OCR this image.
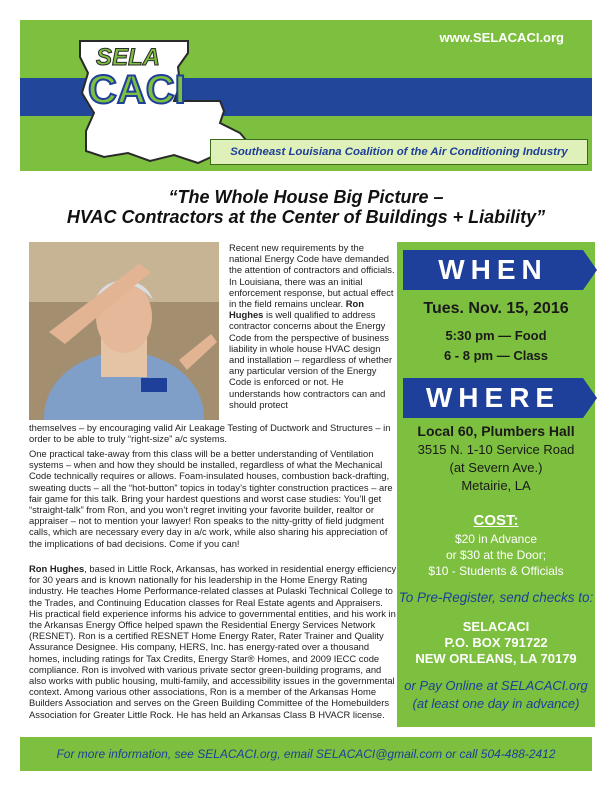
www.SELACACI.org
SELA
CACI
Southeast Louisiana Coalition of the Air Conditioning Industry
“The Whole House Big Picture –
HVAC Contractors at the Center of Buildings + Liability”
Recent new requirements by the national Energy Code have demanded the attention of contractors and officials. In Louisiana, there was an initial enforcement response, but actual effect in the field remains unclear. Ron Hughes is well qualified to address contractor concerns about the Energy Code from the perspective of business liability in whole house HVAC design and installation – regardless of whether any particular version of the Energy Code is enforced or not. He understands how contractors can and should protect
themselves – by encouraging valid Air Leakage Testing of Ductwork and Structures – in order to be able to truly “right-size” a/c systems.
One practical take-away from this class will be a better understanding of Ventilation systems – when and how they should be installed, regardless of what the Mechanical Code technically requires or allows. Foam-insulated houses, combustion back-drafting, sweating ducts – all the “hot-button” topics in today’s tighter construction practices – are fair game for this talk. Bring your hardest questions and worst case studies: You’ll get “straight-talk” from Ron, and you won’t regret inviting your favorite builder, realtor or appraiser – not to mention your lawyer! Ron speaks to the nitty-gritty of field judgment calls, which are necessary every day in a/c work, while also sharing his appreciation of the implications of bad decisions. Come if you can!
Ron Hughes, based in Little Rock, Arkansas, has worked in residential energy efficiency for 30 years and is known nationally for his leadership in the Home Energy Rating industry. He teaches Home Performance-related classes at Pulaski Technical College to the Trades, and Continuing Education classes for Real Estate agents and Appraisers. His practical field experience informs his advice to governmental entities, and his work in the Arkansas Energy Office helped spawn the Residential Energy Services Network (RESNET). Ron is a certified RESNET Home Energy Rater, Rater Trainer and Quality Assurance Designee. His company, HERS, Inc. has energy-rated over a thousand homes, including ratings for Tax Credits, Energy Star® Homes, and 2009 IECC code compliance. Ron is involved with various private sector green-building programs, and also works with public housing, multi-family, and accessibility issues in the governmental context. Among various other associations, Ron is a member of the Arkansas Home Builders Association and serves on the Green Building Committee of the Homebuilders Association for Greater Little Rock. He has held an Arkansas Class B HVACR license.
WHEN
Tues. Nov. 15, 2016
5:30 pm — Food
6 - 8 pm — Class
WHERE
Local 60, Plumbers Hall
3515 N. 1-10 Service Road
(at Severn Ave.)
Metairie, LA
COST:
$20 in Advance
or $30 at the Door;
$10 - Students & Officials
To Pre-Register, send checks to:
SELACACI
P.O. BOX 791722
NEW ORLEANS, LA 70179
or Pay Online at SELACACI.org
(at least one day in advance)
For more information, see SELACACI.org, email SELACACI@gmail.com or call 504-488-2412
